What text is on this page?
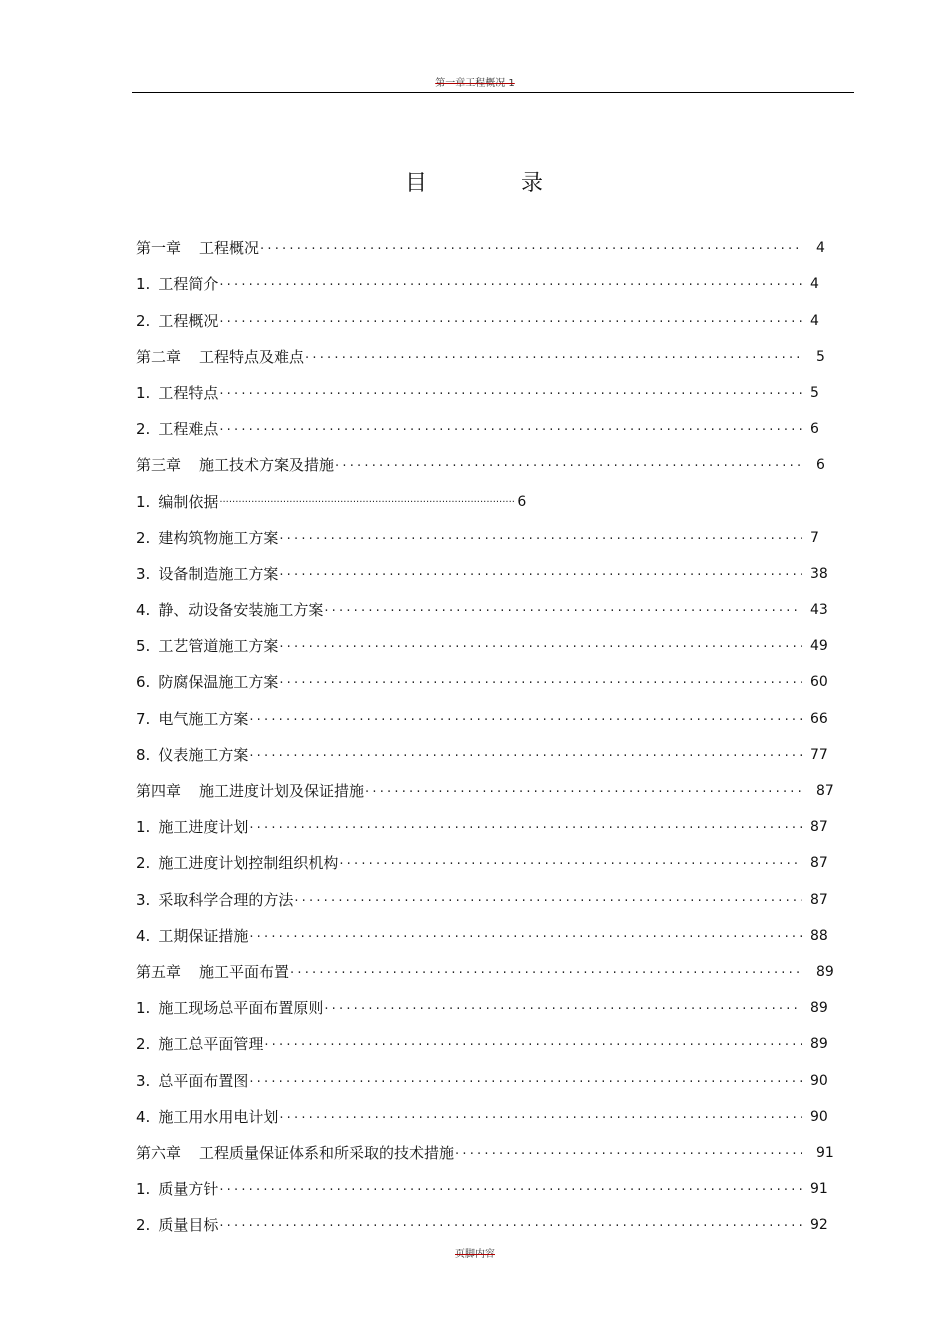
第一章工程概况 1
目	录
第一章 工程概况 .....	4
1. 工程简介 .....	4
2. 工程概况 .....	4
第二章 工程特点及难点 .....	5
1. 工程特点 .....	5
2. 工程难点 .....	6
第三章 施工技术方案及措施 .....	6
1. 编制依据 .....	6
2. 建构筑物施工方案 .....	7
3. 设备制造施工方案 .....	38
4. 静、动设备安装施工方案 .....	43
5. 工艺管道施工方案 .....	49
6. 防腐保温施工方案 .....	60
7. 电气施工方案 .....	66
8. 仪表施工方案 .....	77
第四章 施工进度计划及保证措施 .....	87
1. 施工进度计划 .....	87
2. 施工进度计划控制组织机构 .....	87
3. 采取科学合理的方法 .....	87
4. 工期保证措施 .....	88
第五章 施工平面布置 .....	89
1. 施工现场总平面布置原则 .....	89
2. 施工总平面管理 .....	89
3. 总平面布置图 .....	90
4. 施工用水用电计划 .....	90
第六章 工程质量保证体系和所采取的技术措施 .....	91
1. 质量方针 .....	91
2. 质量目标 .....	92
页脚内容
